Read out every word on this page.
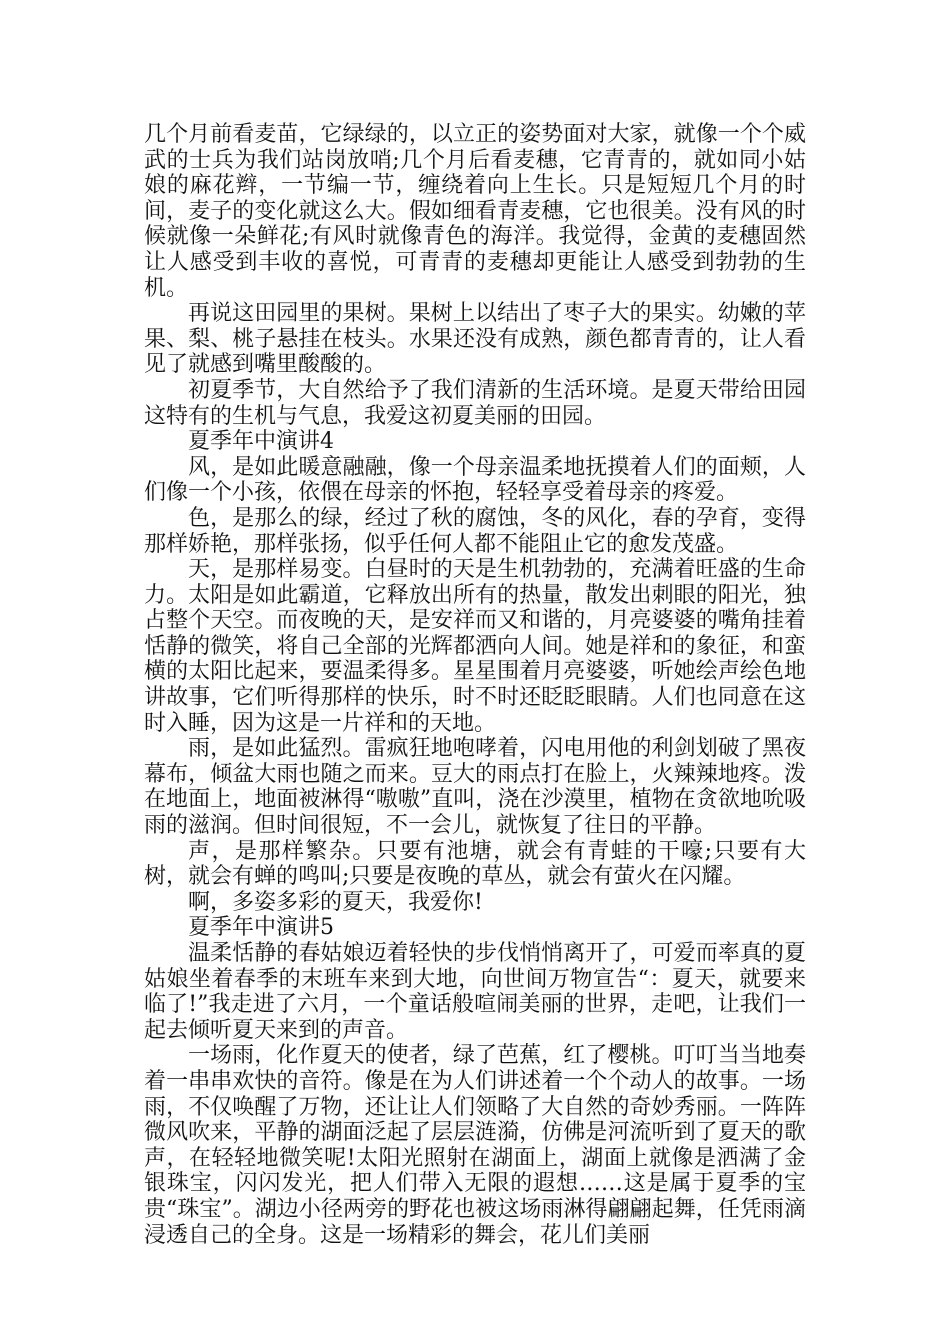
几个月前看麦苗，它绿绿的，以立正的姿势面对大家，就像一个个威武的士兵为我们站岗放哨;几个月后看麦穗，它青青的，就如同小姑娘的麻花辫，一节编一节，缠绕着向上生长。只是短短几个月的时间，麦子的变化就这么大。假如细看青麦穗，它也很美。没有风的时候就像一朵鲜花;有风时就像青色的海洋。我觉得，金黄的麦穗固然让人感受到丰收的喜悦，可青青的麦穗却更能让人感受到勃勃的生机。

再说这田园里的果树。果树上以结出了枣子大的果实。幼嫩的苹果、梨、桃子悬挂在枝头。水果还没有成熟，颜色都青青的，让人看见了就感到嘴里酸酸的。

初夏季节，大自然给予了我们清新的生活环境。是夏天带给田园这特有的生机与气息，我爱这初夏美丽的田园。

夏季年中演讲4

风，是如此暖意融融，像一个母亲温柔地抚摸着人们的面颊，人们像一个小孩，依偎在母亲的怀抱，轻轻享受着母亲的疼爱。

色，是那么的绿，经过了秋的腐蚀，冬的风化，春的孕育，变得那样娇艳，那样张扬，似乎任何人都不能阻止它的愈发茂盛。

天，是那样易变。白昼时的天是生机勃勃的，充满着旺盛的生命力。太阳是如此霸道，它释放出所有的热量，散发出刺眼的阳光，独占整个天空。而夜晚的天，是安祥而又和谐的，月亮婆婆的嘴角挂着恬静的微笑，将自己全部的光辉都洒向人间。她是祥和的象征，和蛮横的太阳比起来，要温柔得多。星星围着月亮婆婆，听她绘声绘色地讲故事，它们听得那样的快乐，时不时还眨眨眼睛。人们也同意在这时入睡，因为这是一片祥和的天地。

雨，是如此猛烈。雷疯狂地咆哮着，闪电用他的利剑划破了黑夜幕布，倾盆大雨也随之而来。豆大的雨点打在脸上，火辣辣地疼。泼在地面上，地面被淋得“嗷嗷”直叫，浇在沙漠里，植物在贪欲地吮吸雨的滋润。但时间很短，不一会儿，就恢复了往日的平静。

声，是那样繁杂。只要有池塘，就会有青蛙的干嚎;只要有大树，就会有蝉的鸣叫;只要是夜晚的草丛，就会有萤火在闪耀。

啊，多姿多彩的夏天，我爱你!

夏季年中演讲5

温柔恬静的春姑娘迈着轻快的步伐悄悄离开了，可爱而率真的夏姑娘坐着春季的末班车来到大地，向世间万物宣告“：夏天，就要来临了!”我走进了六月，一个童话般喧闹美丽的世界，走吧，让我们一起去倾听夏天来到的声音。

一场雨，化作夏天的使者，绿了芭蕉，红了樱桃。叮叮当当地奏着一串串欢快的音符。像是在为人们讲述着一个个动人的故事。一场雨，不仅唤醒了万物，还让让人们领略了大自然的奇妙秀丽。一阵阵微风吹来，平静的湖面泛起了层层涟漪，仿佛是河流听到了夏天的歌声，在轻轻地微笑呢!太阳光照射在湖面上，湖面上就像是洒满了金银珠宝，闪闪发光，把人们带入无限的遐想……这是属于夏季的宝贵“珠宝”。湖边小径两旁的野花也被这场雨淋得翩翩起舞，任凭雨滴浸透自己的全身。这是一场精彩的舞会，花儿们美丽
